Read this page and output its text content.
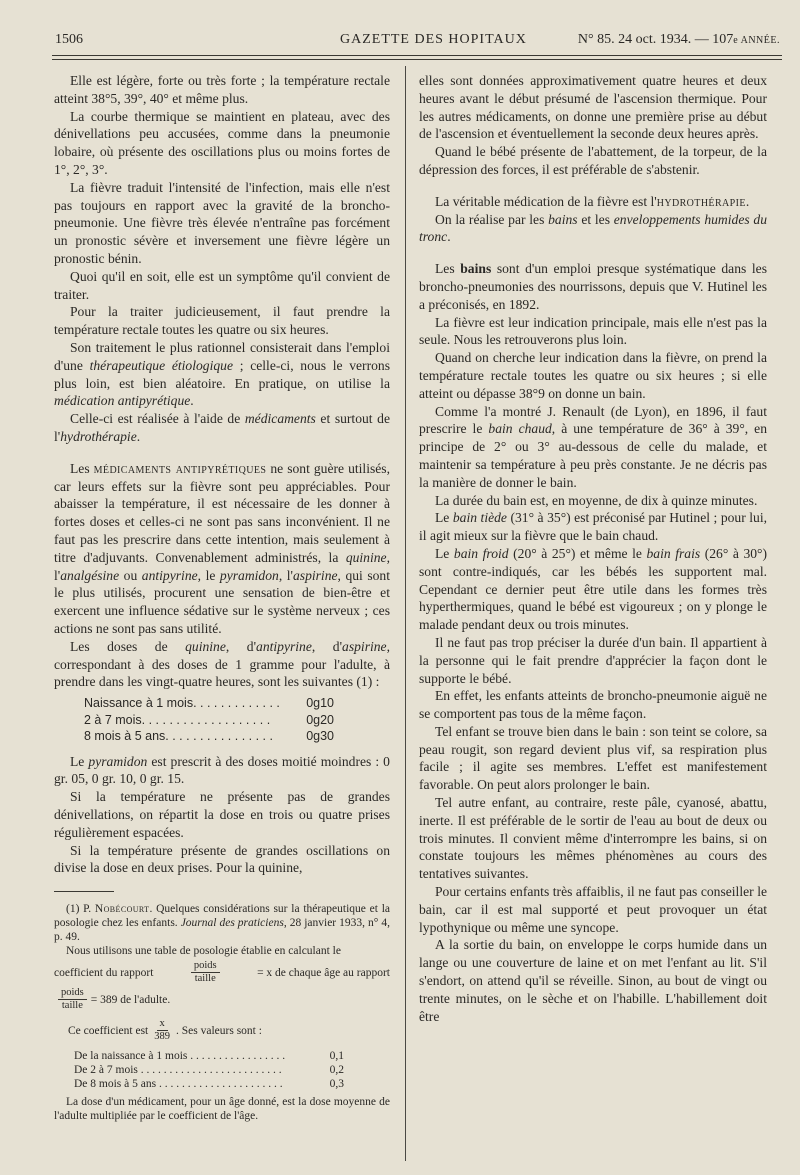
1506	GAZETTE DES HOPITAUX	N° 85. 24 oct. 1934. — 107e ANNÉE.

Elle est légère, forte ou très forte ; la température rectale atteint 38°5, 39°, 40° et même plus.

La courbe thermique se maintient en plateau, avec des dénivellations peu accusées, comme dans la pneumonie lobaire, où présente des oscillations plus ou moins fortes de 1°, 2°, 3°.

La fièvre traduit l'intensité de l'infection, mais elle n'est pas toujours en rapport avec la gravité de la broncho-pneumonie. Une fièvre très élevée n'entraîne pas forcément un pronostic sévère et inversement une fièvre légère un pronostic bénin.

Quoi qu'il en soit, elle est un symptôme qu'il convient de traiter.

Pour la traiter judicieusement, il faut prendre la température rectale toutes les quatre ou six heures.

Son traitement le plus rationnel consisterait dans l'emploi d'une thérapeutique étiologique ; celle-ci, nous le verrons plus loin, est bien aléatoire. En pratique, on utilise la médication antipyrétique.

Celle-ci est réalisée à l'aide de médicaments et surtout de l'hydrothérapie.

Les médicaments antipyrétiques ne sont guère utilisés, car leurs effets sur la fièvre sont peu appréciables. Pour abaisser la température, il est nécessaire de les donner à fortes doses et celles-ci ne sont pas sans inconvénient. Il ne faut pas les prescrire dans cette intention, mais seulement à titre d'adjuvants. Convenablement administrés, la quinine, l'analgésine ou antipyrine, le pyramidon, l'aspirine, qui sont le plus utilisés, procurent une sensation de bien-être et exercent une influence sédative sur le système nerveux ; ces actions ne sont pas sans utilité.

Les doses de quinine, d'antipyrine, d'aspirine, correspondant à des doses de 1 gramme pour l'adulte, à prendre dans les vingt-quatre heures, sont les suivantes (1) :

Naissance à 1 mois. . . . . . . . . . . . . 0g10
2 à 7 mois. . . . . . . . . . . . . . . . . . .	0g20
8 mois à 5 ans. . . . . . . . . . . . . . . .	0g30

Le pyramidon est prescrit à des doses moitié moindres : 0 gr. 05, 0 gr. 10, 0 gr. 15.

Si la température ne présente pas de grandes dénivellations, on répartit la dose en trois ou quatre prises régulièrement espacées.

Si la température présente de grandes oscillations on divise la dose en deux prises. Pour la quinine,

(1) P. Nobécourt. Quelques considérations sur la thérapeutique et la posologie chez les enfants. Journal des praticiens, 28 janvier 1933, n° 4, p. 49.

Nous utilisons une table de posologie établie en calculant le

coefficient du rapport	$\frac{\text{poids}}{\text{taille}}$	= x de chaque âge au rapport
$\frac{\text{poids}}{\text{taille}} = 389$ de l'adulte.
Ce coefficient est $\frac{x}{389}$ . Ses valeurs sont :
De la naissance à 1 mois . . . . . . . . . . . . . . . . .	0,1
De 2 à 7 mois . . . . . . . . . . . . . . . . . . . . . . . . .	0,2
De 8 mois à 5 ans . . . . . . . . . . . . . . . . . . . . . .	0,3

La dose d'un médicament, pour un âge donné, est la dose moyenne de l'adulte multipliée par le coefficient de l'âge.

elles sont données approximativement quatre heures et deux heures avant le début présumé de l'ascension thermique. Pour les autres médicaments, on donne une première prise au début de l'ascension et éventuellement la seconde deux heures après.

Quand le bébé présente de l'abattement, de la torpeur, de la dépression des forces, il est préférable de s'abstenir.

La véritable médication de la fièvre est l'hydrothérapie.

On la réalise par les bains et les enveloppements humides du tronc.

Les bains sont d'un emploi presque systématique dans les broncho-pneumonies des nourrissons, depuis que V. Hutinel les a préconisés, en 1892.

La fièvre est leur indication principale, mais elle n'est pas la seule. Nous les retrouverons plus loin.

Quand on cherche leur indication dans la fièvre, on prend la température rectale toutes les quatre ou six heures ; si elle atteint ou dépasse 38°9 on donne un bain.

Comme l'a montré J. Renault (de Lyon), en 1896, il faut prescrire le bain chaud, à une température de 36° à 39°, en principe de 2° ou 3° au-dessous de celle du malade, et maintenir sa température à peu près constante. Je ne décris pas la manière de donner le bain.

La durée du bain est, en moyenne, de dix à quinze minutes.

Le bain tiède (31° à 35°) est préconisé par Hutinel ; pour lui, il agit mieux sur la fièvre que le bain chaud.

Le bain froid (20° à 25°) et même le bain frais (26° à 30°) sont contre-indiqués, car les bébés les supportent mal. Cependant ce dernier peut être utile dans les formes très hyperthermiques, quand le bébé est vigoureux ; on y plonge le malade pendant deux ou trois minutes.

Il ne faut pas trop préciser la durée d'un bain. Il appartient à la personne qui le fait prendre d'apprécier la façon dont le supporte le bébé.

En effet, les enfants atteints de broncho-pneumonie aiguë ne se comportent pas tous de la même façon.

Tel enfant se trouve bien dans le bain : son teint se colore, sa peau rougit, son regard devient plus vif, sa respiration plus facile ; il agite ses membres. L'effet est manifestement favorable. On peut alors prolonger le bain.

Tel autre enfant, au contraire, reste pâle, cyanosé, abattu, inerte. Il est préférable de le sortir de l'eau au bout de deux ou trois minutes. Il convient même d'interrompre les bains, si on constate toujours les mêmes phénomènes au cours des tentatives suivantes.

Pour certains enfants très affaiblis, il ne faut pas conseiller le bain, car il est mal supporté et peut provoquer un état lypothynique ou même une syncope.

A la sortie du bain, on enveloppe le corps humide dans un lange ou une couverture de laine et on met l'enfant au lit. S'il s'endort, on attend qu'il se réveille. Sinon, au bout de vingt ou trente minutes, on le sèche et on l'habille. L'habillement doit être
